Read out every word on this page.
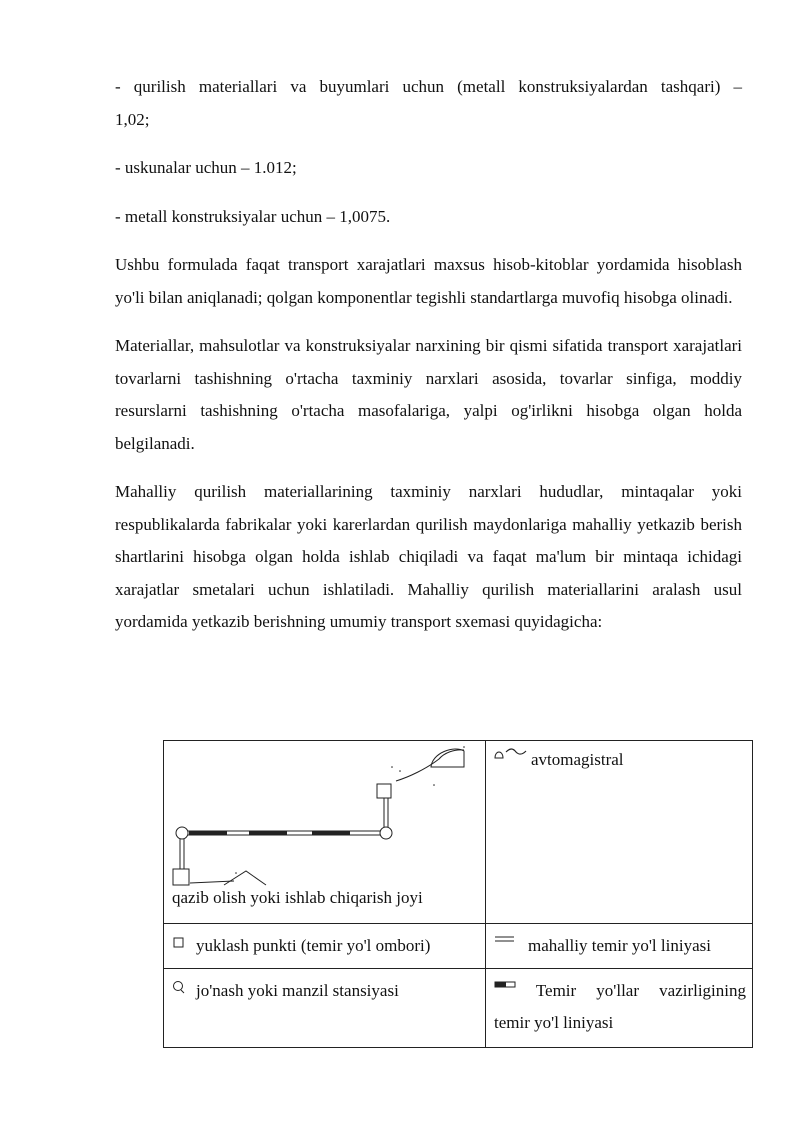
- qurilish materiallari va buyumlari uchun (metall konstruksiyalardan tashqari) –

1,02;

- uskunalar uchun – 1.012;

- metall konstruksiyalar uchun – 1,0075.

Ushbu formulada faqat transport xarajatlari maxsus hisob-kitoblar yordamida hisoblash yo'li bilan aniqlanadi; qolgan komponentlar tegishli standartlarga muvofiq hisobga olinadi.

Materiallar, mahsulotlar va konstruksiyalar narxining bir qismi sifatida transport xarajatlari tovarlarni tashishning o'rtacha taxminiy narxlari asosida, tovarlar sinfiga, moddiy resurslarni tashishning o'rtacha masofalariga, yalpi og'irlikni hisobga olgan holda belgilanadi.

Mahalliy qurilish materiallarining taxminiy narxlari hududlar, mintaqalar yoki respublikalarda fabrikalar yoki karerlardan qurilish maydonlariga mahalliy yetkazib berish shartlarini hisobga olgan holda ishlab chiqiladi va faqat ma'lum bir mintaqa ichidagi xarajatlar smetalari uchun ishlatiladi. Mahalliy qurilish materiallarini aralash usul yordamida yetkazib berishning umumiy transport sxemasi quyidagicha:

qazib olish yoki ishlab chiqarish joyi	avtomagistral

yuklash punkti (temir yo'l ombori)	mahalliy temir yo'l liniyasi

jo'nash yoki manzil stansiyasi	Temir yo'llar vazirligining
temir yo'l liniyasi
